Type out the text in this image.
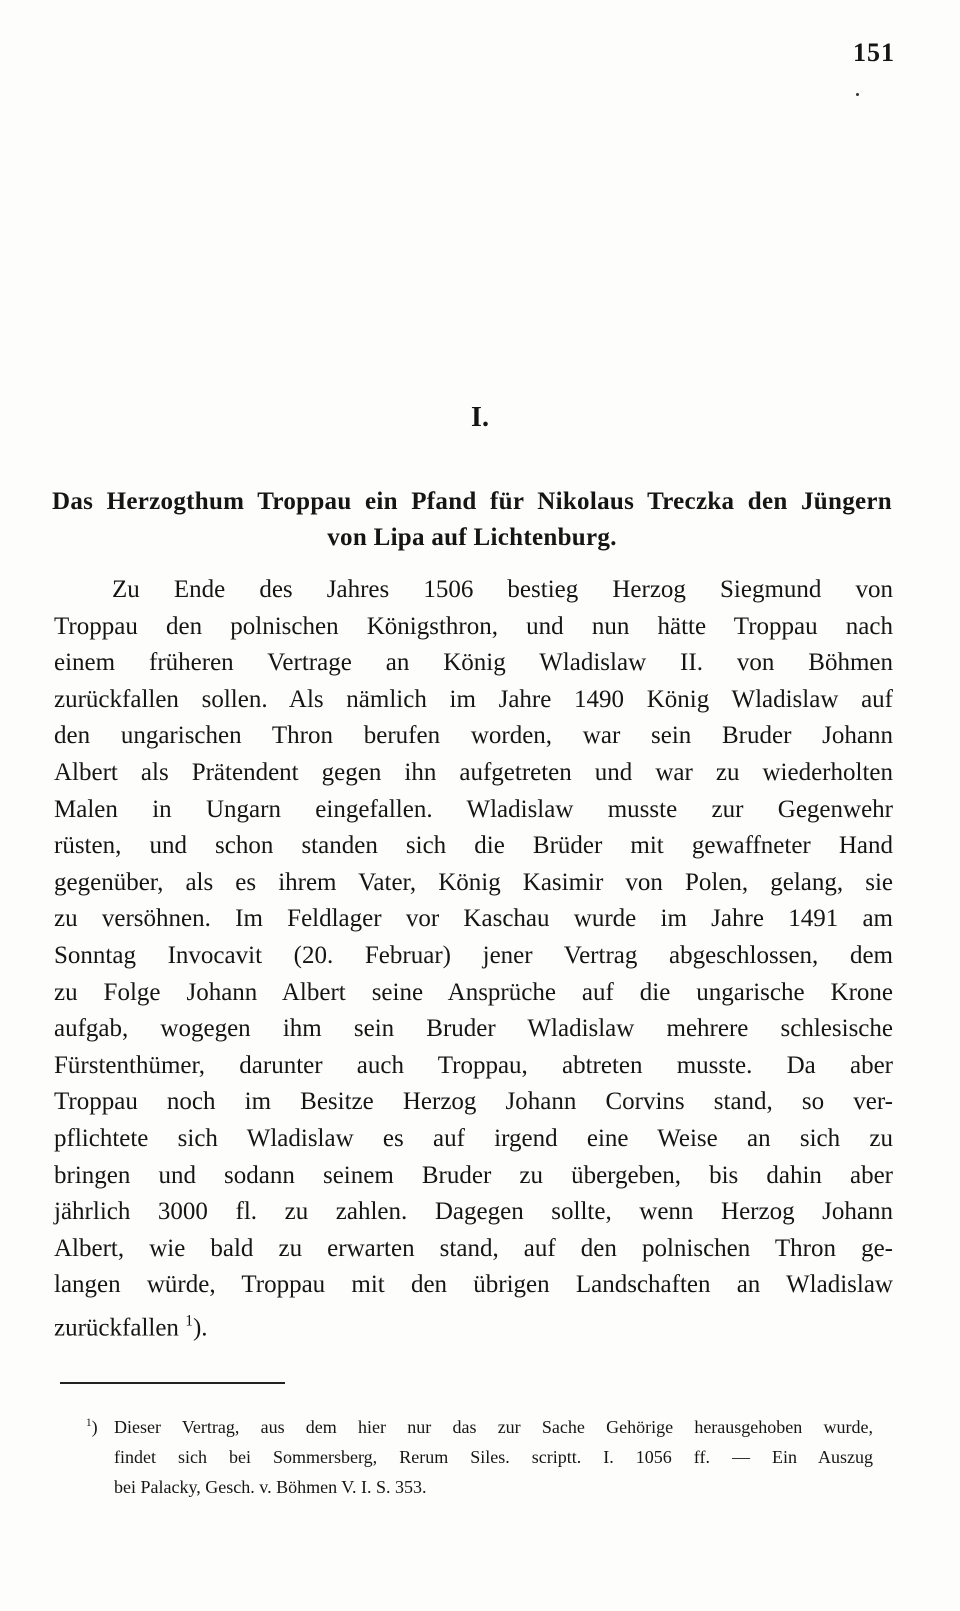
151
I.
Das Herzogthum Troppau ein Pfand für Nikolaus Treczka den Jüngern
von Lipa auf Lichtenburg.
Zu Ende des Jahres 1506 bestieg Herzog Siegmund von
Troppau den polnischen Königsthron, und nun hätte Troppau nach
einem früheren Vertrage an König Wladislaw II. von Böhmen
zurückfallen sollen. Als nämlich im Jahre 1490 König Wladislaw auf
den ungarischen Thron berufen worden, war sein Bruder Johann
Albert als Prätendent gegen ihn aufgetreten und war zu wiederholten
Malen in Ungarn eingefallen. Wladislaw musste zur Gegenwehr
rüsten, und schon standen sich die Brüder mit gewaffneter Hand
gegenüber, als es ihrem Vater, König Kasimir von Polen, gelang, sie
zu versöhnen. Im Feldlager vor Kaschau wurde im Jahre 1491 am
Sonntag Invocavit (20. Februar) jener Vertrag abgeschlossen, dem
zu Folge Johann Albert seine Ansprüche auf die ungarische Krone
aufgab, wogegen ihm sein Bruder Wladislaw mehrere schlesische
Fürstenthümer, darunter auch Troppau, abtreten musste. Da aber
Troppau noch im Besitze Herzog Johann Corvins stand, so ver-
pflichtete sich Wladislaw es auf irgend eine Weise an sich zu
bringen und sodann seinem Bruder zu übergeben, bis dahin aber
jährlich 3000 fl. zu zahlen. Dagegen sollte, wenn Herzog Johann
Albert, wie bald zu erwarten stand, auf den polnischen Thron ge-
langen würde, Troppau mit den übrigen Landschaften an Wladislaw
zurückfallen $^1$).
$^1$) Dieser Vertrag, aus dem hier nur das zur Sache Gehörige herausgehoben wurde,
findet sich bei Sommersberg, Rerum Siles. scriptt. I. 1056 ff. — Ein Auszug
bei Palacky, Gesch. v. Böhmen V. I. S. 353.
